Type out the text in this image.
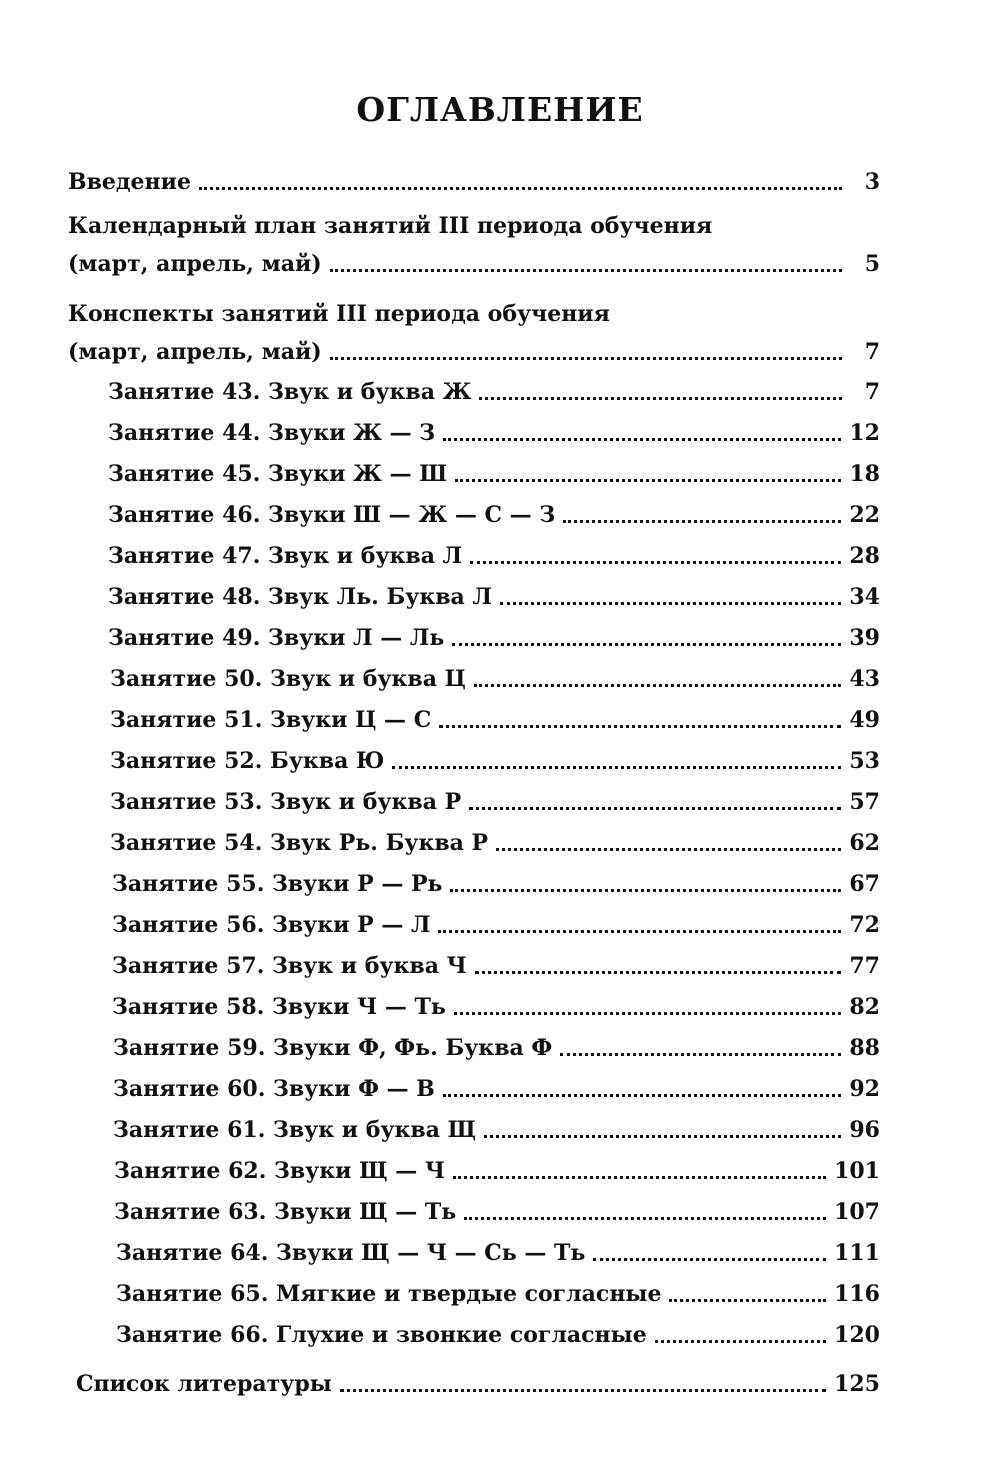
ОГЛАВЛЕНИЕ
Введение	3
Календарный план занятий III периода обучения
(март, апрель, май)	5
Конспекты занятий III периода обучения
(март, апрель, май)	7
Занятие 43. Звук и буква Ж	7
Занятие 44. Звуки Ж — З	12
Занятие 45. Звуки Ж — Ш	18
Занятие 46. Звуки Ш — Ж — С — З	22
Занятие 47. Звук и буква Л	28
Занятие 48. Звук Ль. Буква Л	34
Занятие 49. Звуки Л — Ль	39
Занятие 50. Звук и буква Ц	43
Занятие 51. Звуки Ц — С	49
Занятие 52. Буква Ю	53
Занятие 53. Звук и буква Р	57
Занятие 54. Звук Рь. Буква Р	62
Занятие 55. Звуки Р — Рь	67
Занятие 56. Звуки Р — Л	72
Занятие 57. Звук и буква Ч	77
Занятие 58. Звуки Ч — Ть	82
Занятие 59. Звуки Ф, Фь. Буква Ф	88
Занятие 60. Звуки Ф — В	92
Занятие 61. Звук и буква Щ	96
Занятие 62. Звуки Щ — Ч	101
Занятие 63. Звуки Щ — Ть	107
Занятие 64. Звуки Щ — Ч — Сь — Ть	111
Занятие 65. Мягкие и твердые согласные	116
Занятие 66. Глухие и звонкие согласные	120
Список литературы	125
